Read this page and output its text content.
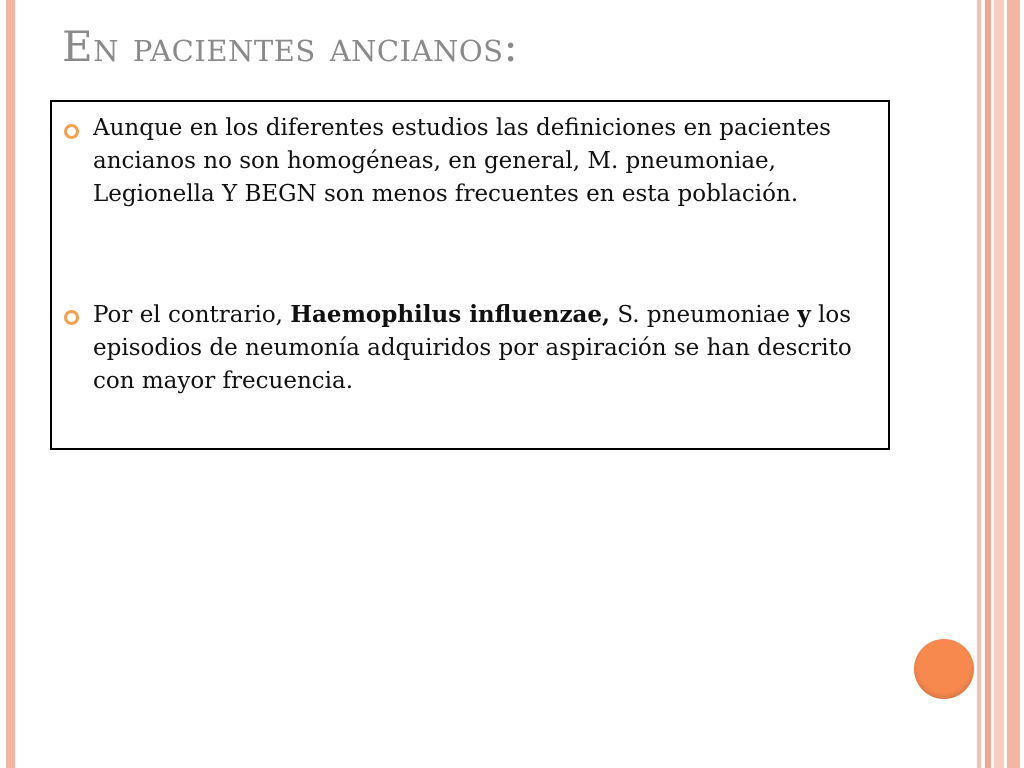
En pacientes ancianos:
Aunque en los diferentes estudios las definiciones en pacientes ancianos no son homogéneas, en general, M. pneumoniae, Legionella Y BEGN son menos frecuentes en esta población.
Por el contrario, Haemophilus influenzae, S. pneumoniae y los episodios de neumonía adquiridos por aspiración se han descrito con mayor frecuencia.
